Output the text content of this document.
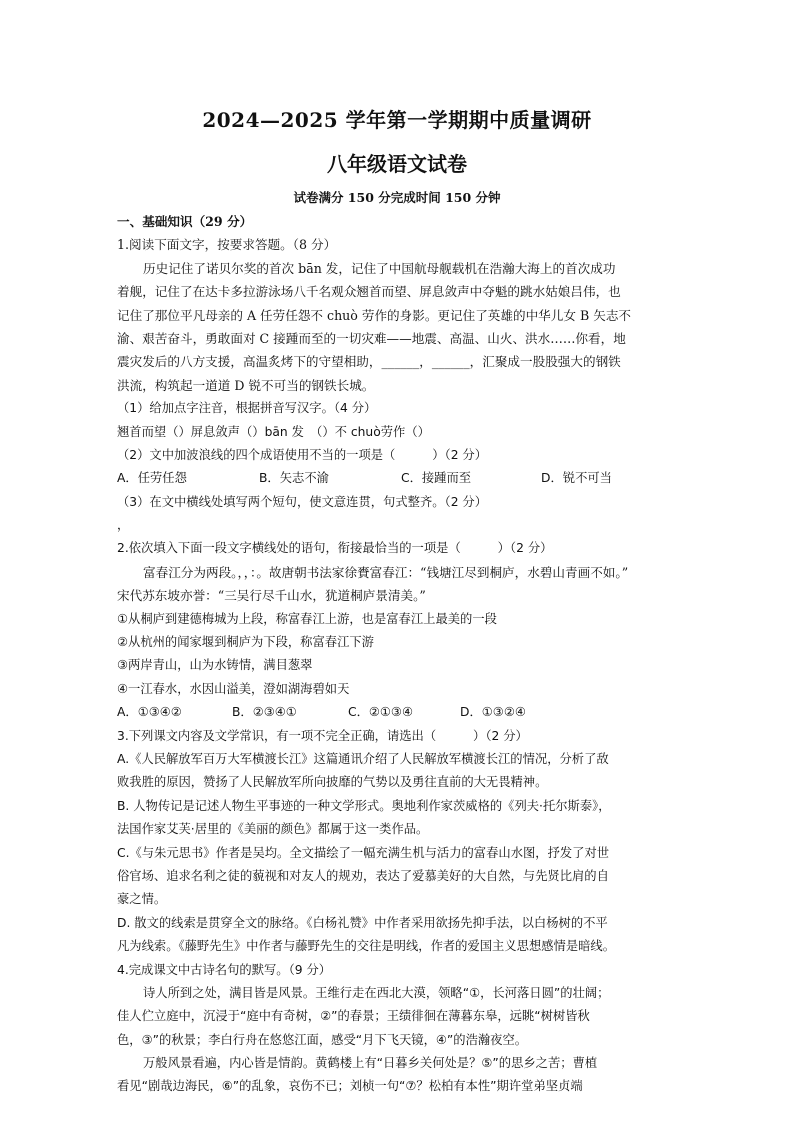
2024—2025 学年第一学期期中质量调研
八年级语文试卷
试卷满分 150 分完成时间 150 分钟
一、基础知识（29 分）
1.阅读下面文字，按要求答题。（8 分）
历史记住了诺贝尔奖的首次 bān 发，记住了中国航母舰载机在浩瀚大海上的首次成功
着舰，记住了在达卡多拉游泳场八千名观众翘首而望、屏息敛声中夺魁的跳水姑娘吕伟，也
记住了那位平凡母亲的 A 任劳任怨不 chuò 劳作的身影。更记住了英雄的中华儿女 B 矢志不
渝、艰苦奋斗，勇敢面对 C 接踵而至的一切灾难——地震、高温、山火、洪水……你看，地
震灾发后的八方支援，高温炙烤下的守望相助，______，______，汇聚成一股股强大的钢铁
洪流，构筑起一道道 D 锐不可当的钢铁长城。
（1）给加点字注音，根据拼音写汉字。（4 分）
翘首而望（）屏息敛声（）bān 发　（）不 chuò劳作（）
（2）文中加波浪线的四个成语使用不当的一项是（　　　）（2 分）
A．任劳任怨	B．矢志不渝	C．接踵而至	D．锐不可当
（3）在文中横线处填写两个短句，使文意连贯，句式整齐。（2 分）
，
2.依次填入下面一段文字横线处的语句，衔接最恰当的一项是（　　　）（2 分）
富春江分为两段。，，：。故唐朝书法家徐賚富春江：“钱塘江尽到桐庐，水碧山青画不如。”
宋代苏东坡亦誉：“三吴行尽千山水，犹道桐庐景清美。”
①从桐庐到建德梅城为上段，称富春江上游，也是富春江上最美的一段
②从杭州的闻家堰到桐庐为下段，称富春江下游
③两岸青山，山为水铸情，满目葱翠
④一江春水，水因山溢美，澄如湖海碧如天
A．①③④②	B．②③④①	C．②①③④	D．①③②④
3.下列课文内容及文学常识，有一项不完全正确，请选出（　　　）（2 分）
A.《人民解放军百万大军横渡长江》这篇通讯介绍了人民解放军横渡长江的情况，分析了敌
败我胜的原因，赞扬了人民解放军所向披靡的气势以及勇往直前的大无畏精神。
B. 人物传记是记述人物生平事迹的一种文学形式。奥地利作家茨威格的《列夫·托尔斯泰》，
法国作家艾芙·居里的《美丽的颜色》都属于这一类作品。
C.《与朱元思书》作者是吴均。全文描绘了一幅充满生机与活力的富春山水图，抒发了对世
俗官场、追求名利之徒的藐视和对友人的规劝，表达了爱慕美好的大自然，与先贤比肩的自
豪之情。
D. 散文的线索是贯穿全文的脉络。《白杨礼赞》中作者采用欲扬先抑手法，以白杨树的不平
凡为线索。《藤野先生》中作者与藤野先生的交往是明线，作者的爱国主义思想感情是暗线。
4.完成课文中古诗名句的默写。（9 分）
诗人所到之处，满目皆是风景。王维行走在西北大漠，领略“①，长河落日圆”的壮阔；
佳人伫立庭中，沉浸于“庭中有奇树，②”的春景；王绩徘徊在薄暮东皋，远眺“树树皆秋
色，③”的秋景；李白行舟在悠悠江面，感受“月下飞天镜，④”的浩瀚夜空。
万般风景看遍，内心皆是情韵。黄鹤楼上有“日暮乡关何处是？⑤”的思乡之苦；曹植
看见“剧哉边海民，⑥”的乱象，哀伤不已；刘桢一句“⑦？松柏有本性”期许堂弟坚贞端
